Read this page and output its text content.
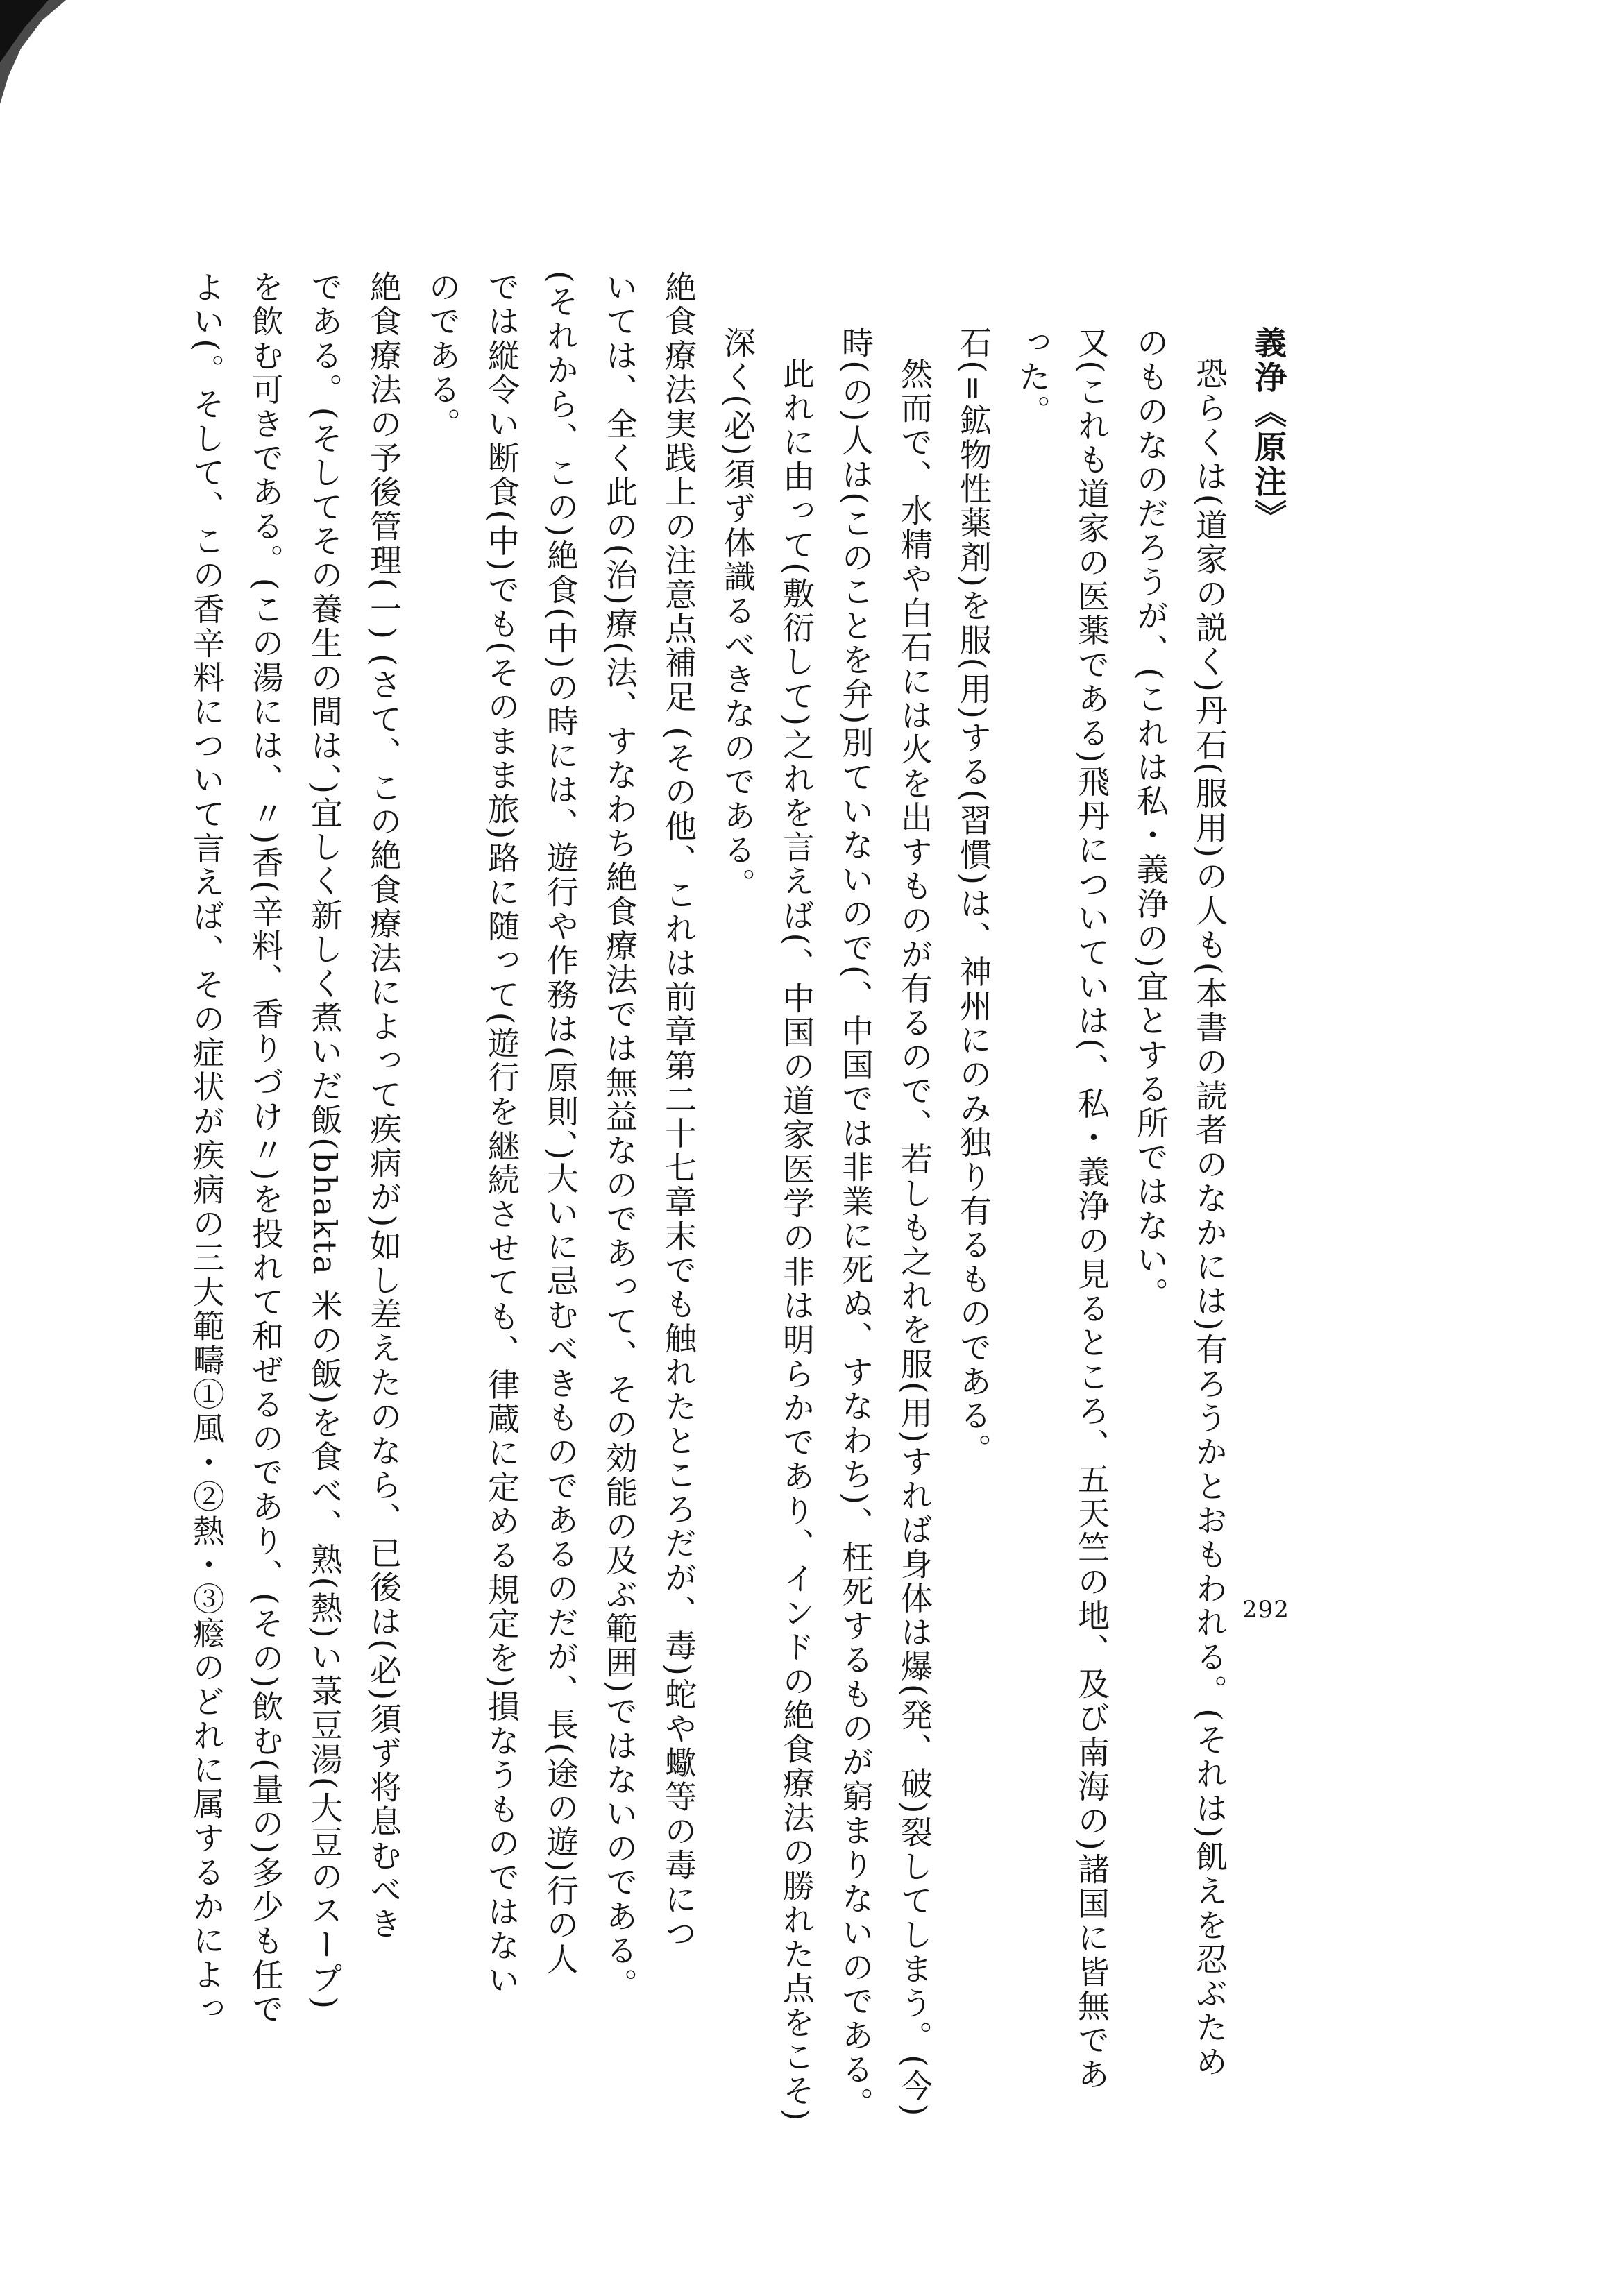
義浄《原注》
恐らくは(道家の説く)丹石(服用)の人も(本書の読者のなかには)有ろうかとおもわれる。(それは)飢えを忍ぶため
のものなのだろうが、(これは私・義浄の)宜とする所ではない。
又(これも道家の医薬である)飛丹についていは(、私・義浄の見るところ、五天竺の地、及び南海の)諸国に皆無であ
った。
石(=鉱物性薬剤)を服(用)する(習慣)は、神州にのみ独り有るものである。
然而で、水精や白石には火を出すものが有るので、若しも之れを服(用)すれば身体は爆(発、破)裂してしまう。(今)
時(の)人は(このことを弁)別ていないので(、中国では非業に死ぬ、すなわち)、枉死するものが窮まりないのである。
此れに由って(敷衍して)之れを言えば(、中国の道家医学の非は明らかであり、インドの絶食療法の勝れた点をこそ)
深く(必)須ず体識るべきなのである。
絶食療法実践上の注意点補足 (その他、これは前章第二十七章末でも触れたところだが、毒)蛇や蠍等の毒につ
いては、全く此の(治)療(法、すなわち絶食療法では無益なのであって、その効能の及ぶ範囲)ではないのである。
(それから、この)絶食(中)の時には、遊行や作務は(原則、)大いに忌むべきものであるのだが、長(途の遊)行の人
では縦令い断食(中)でも(そのまま旅)路に随って(遊行を継続させても、律蔵に定める規定を)損なうものではない
のである。
絶食療法の予後管理(一) (さて、この絶食療法によって疾病が)如し差えたのなら、已後は(必)須ず将息むべき
である。(そしてその養生の間は、)宜しく新しく煮いだ飯(bhakta 米の飯)を食べ、熟(熱)い菉豆湯(大豆のスープ)
を飲む可きである。(この湯には、〃)香(辛料、香りづけ〃)を投れて和ぜるのであり、(その)飲む(量の)多少も任で
よい(。そして、この香辛料について言えば、その症状が疾病の三大範疇①風・②熱・③癊のどれに属するかによっ	292
